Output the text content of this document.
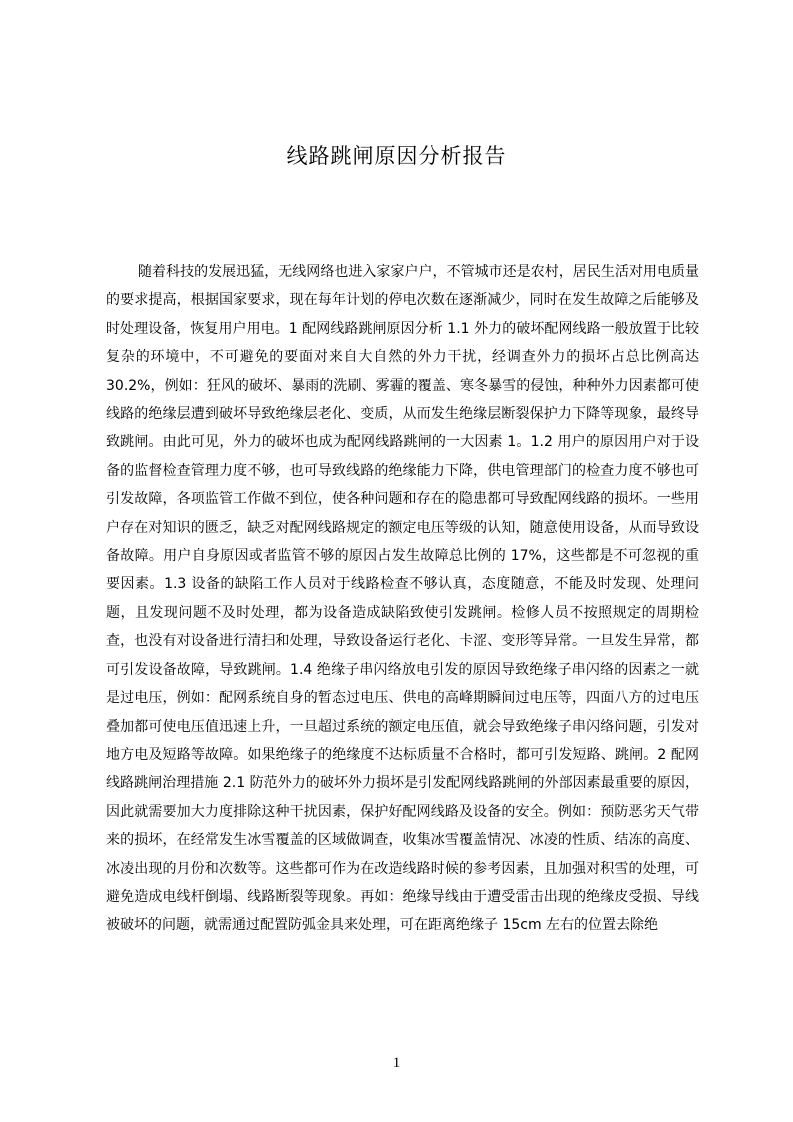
线路跳闸原因分析报告

随着科技的发展迅猛，无线网络也进入家家户户，不管城市还是农村，居民生活对用电质量的要求提高，根据国家要求，现在每年计划的停电次数在逐渐减少，同时在发生故障之后能够及时处理设备，恢复用户用电。1 配网线路跳闸原因分析 1.1 外力的破坏配网线路一般放置于比较复杂的环境中，不可避免的要面对来自大自然的外力干扰，经调查外力的损坏占总比例高达 30.2%，例如：狂风的破坏、暴雨的洗刷、雾霾的覆盖、寒冬暴雪的侵蚀，种种外力因素都可使线路的绝缘层遭到破坏导致绝缘层老化、变质，从而发生绝缘层断裂保护力下降等现象，最终导致跳闸。由此可见，外力的破坏也成为配网线路跳闸的一大因素 1。1.2 用户的原因用户对于设备的监督检查管理力度不够，也可导致线路的绝缘能力下降，供电管理部门的检查力度不够也可引发故障，各项监管工作做不到位，使各种问题和存在的隐患都可导致配网线路的损坏。一些用户存在对知识的匮乏，缺乏对配网线路规定的额定电压等级的认知，随意使用设备，从而导致设备故障。用户自身原因或者监管不够的原因占发生故障总比例的 17%，这些都是不可忽视的重要因素。1.3 设备的缺陷工作人员对于线路检查不够认真，态度随意，不能及时发现、处理问题，且发现问题不及时处理，都为设备造成缺陷致使引发跳闸。检修人员不按照规定的周期检查，也没有对设备进行清扫和处理，导致设备运行老化、卡涩、变形等异常。一旦发生异常，都可引发设备故障，导致跳闸。1.4 绝缘子串闪络放电引发的原因导致绝缘子串闪络的因素之一就是过电压，例如：配网系统自身的暂态过电压、供电的高峰期瞬间过电压等，四面八方的过电压叠加都可使电压值迅速上升，一旦超过系统的额定电压值，就会导致绝缘子串闪络问题，引发对地方电及短路等故障。如果绝缘子的绝缘度不达标质量不合格时，都可引发短路、跳闸。2 配网线路跳闸治理措施 2.1 防范外力的破坏外力损坏是引发配网线路跳闸的外部因素最重要的原因，因此就需要加大力度排除这种干扰因素，保护好配网线路及设备的安全。例如：预防恶劣天气带来的损坏，在经常发生冰雪覆盖的区域做调查，收集冰雪覆盖情况、冰凌的性质、结冻的高度、冰凌出现的月份和次数等。这些都可作为在改造线路时候的参考因素，且加强对积雪的处理，可避免造成电线杆倒塌、线路断裂等现象。再如：绝缘导线由于遭受雷击出现的绝缘皮受损、导线被破坏的问题，就需通过配置防弧金具来处理，可在距离绝缘子 15cm 左右的位置去除绝

1
